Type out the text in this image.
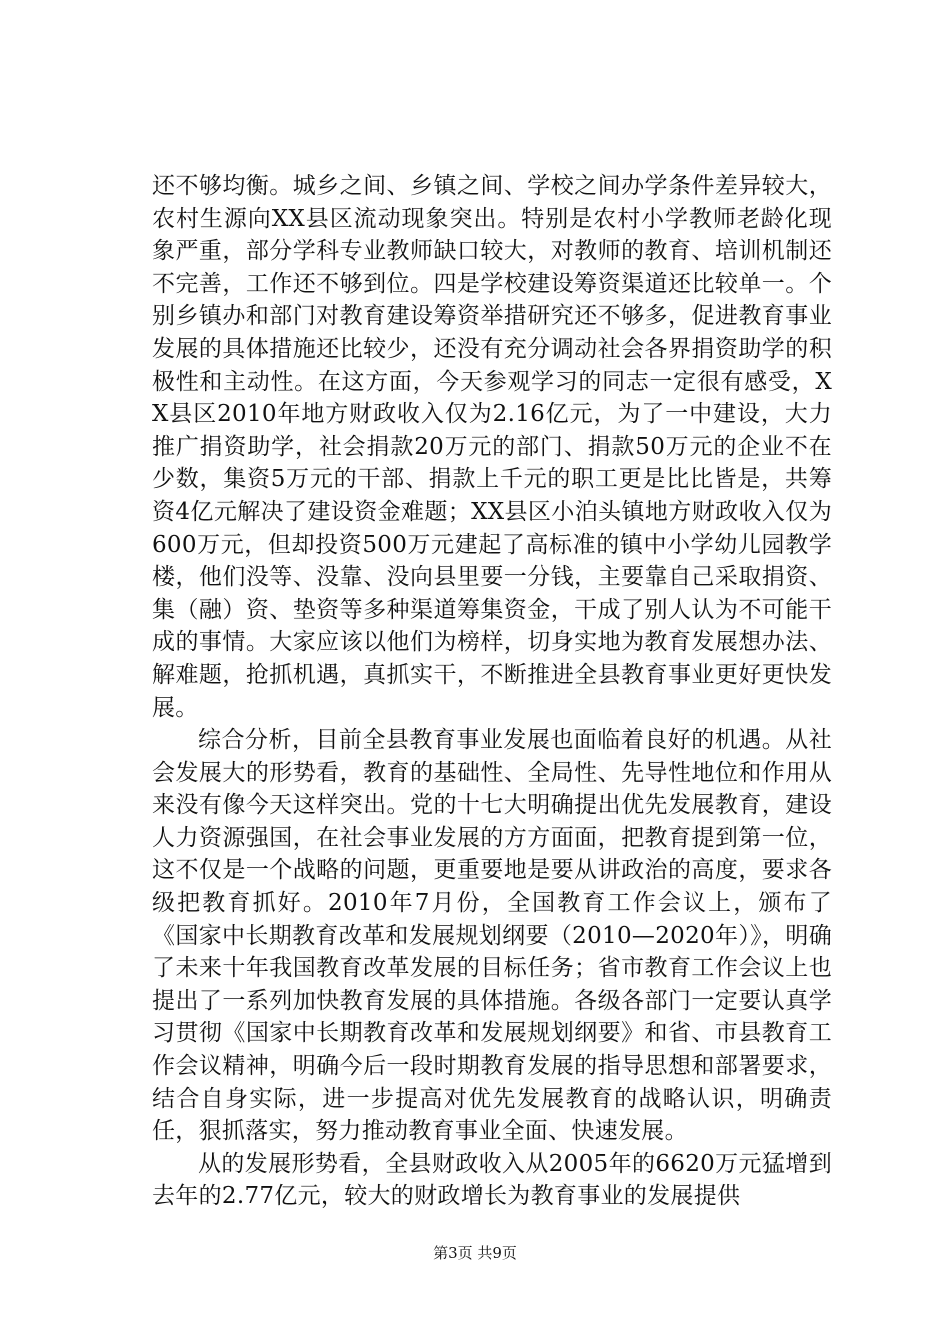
还不够均衡。城乡之间、乡镇之间、学校之间办学条件差异较大，农村生源向XX县区流动现象突出。特别是农村小学教师老龄化现象严重，部分学科专业教师缺口较大，对教师的教育、培训机制还不完善，工作还不够到位。四是学校建设筹资渠道还比较单一。个别乡镇办和部门对教育建设筹资举措研究还不够多，促进教育事业发展的具体措施还比较少，还没有充分调动社会各界捐资助学的积极性和主动性。在这方面，今天参观学习的同志一定很有感受，XX县区2010年地方财政收入仅为2.16亿元，为了一中建设，大力推广捐资助学，社会捐款20万元的部门、捐款50万元的企业不在少数，集资5万元的干部、捐款上千元的职工更是比比皆是，共筹资4亿元解决了建设资金难题；XX县区小泊头镇地方财政收入仅为600万元，但却投资500万元建起了高标准的镇中小学幼儿园教学楼，他们没等、没靠、没向县里要一分钱，主要靠自己采取捐资、集（融）资、垫资等多种渠道筹集资金，干成了别人认为不可能干成的事情。大家应该以他们为榜样，切身实地为教育发展想办法、解难题，抢抓机遇，真抓实干，不断推进全县教育事业更好更快发展。

综合分析，目前全县教育事业发展也面临着良好的机遇。从社会发展大的形势看，教育的基础性、全局性、先导性地位和作用从来没有像今天这样突出。党的十七大明确提出优先发展教育，建设人力资源强国，在社会事业发展的方方面面，把教育提到第一位，这不仅是一个战略的问题，更重要地是要从讲政治的高度，要求各级把教育抓好。2010年7月份，全国教育工作会议上，颁布了《国家中长期教育改革和发展规划纲要（2010—2020年）》，明确了未来十年我国教育改革发展的目标任务；省市教育工作会议上也提出了一系列加快教育发展的具体措施。各级各部门一定要认真学习贯彻《国家中长期教育改革和发展规划纲要》和省、市县教育工作会议精神，明确今后一段时期教育发展的指导思想和部署要求，结合自身实际，进一步提高对优先发展教育的战略认识，明确责任，狠抓落实，努力推动教育事业全面、快速发展。

从的发展形势看，全县财政收入从2005年的6620万元猛增到去年的2.77亿元，较大的财政增长为教育事业的发展提供

第3页 共9页
